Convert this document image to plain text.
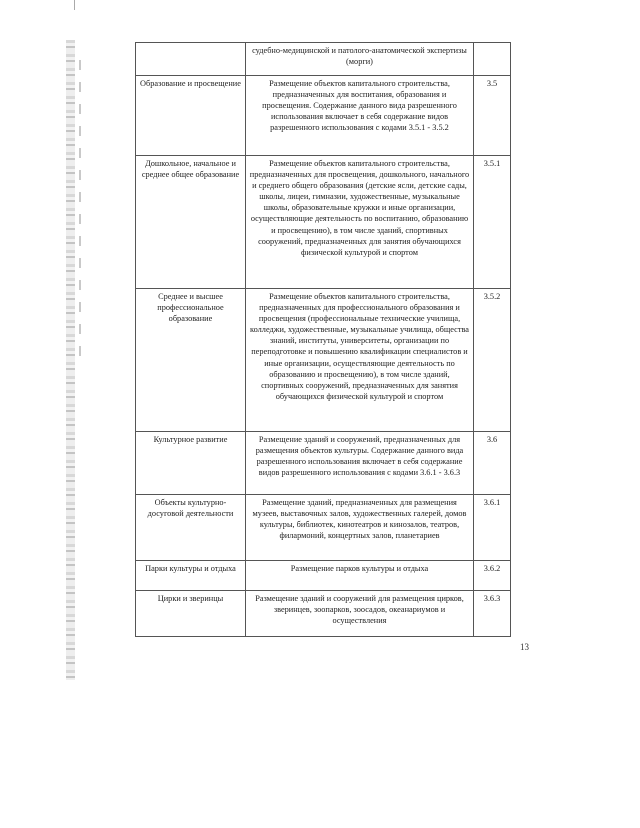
	судебно-медицинской и патолого-анатомической экспертизы (морги)	
Образование и просвещение	Размещение объектов капитального строительства, предназначенных для воспитания, образования и просвещения. Содержание данного вида разрешенного использования включает в себя содержание видов разрешенного использования с кодами 3.5.1 - 3.5.2	3.5
Дошкольное, начальное и среднее общее образование	Размещение объектов капитального строительства, предназначенных для просвещения, дошкольного, начального и среднего общего образования (детские ясли, детские сады, школы, лицеи, гимназии, художественные, музыкальные школы, образовательные кружки и иные организации, осуществляющие деятельность по воспитанию, образованию и просвещению), в том числе зданий, спортивных сооружений, предназначенных для занятия обучающихся физической культурой и спортом	3.5.1
Среднее и высшее профессиональное образование	Размещение объектов капитального строительства, предназначенных для профессионального образования и просвещения (профессиональные технические училища, колледжи, художественные, музыкальные училища, общества знаний, институты, университеты, организации по переподготовке и повышению квалификации специалистов и иные организации, осуществляющие деятельность по образованию и просвещению), в том числе зданий, спортивных сооружений, предназначенных для занятия обучающихся физической культурой и спортом	3.5.2
Культурное развитие	Размещение зданий и сооружений, предназначенных для размещения объектов культуры. Содержание данного вида разрешенного использования включает в себя содержание видов разрешенного использования с кодами 3.6.1 - 3.6.3	3.6
Объекты культурно-досуговой деятельности	Размещение зданий, предназначенных для размещения музеев, выставочных залов, художественных галерей, домов культуры, библиотек, кинотеатров и кинозалов, театров, филармоний, концертных залов, планетариев	3.6.1
Парки культуры и отдыха	Размещение парков культуры и отдыха	3.6.2
Цирки и зверинцы	Размещение зданий и сооружений для размещения цирков, зверинцев, зоопарков, зоосадов, океанариумов и осуществления	3.6.3
13
